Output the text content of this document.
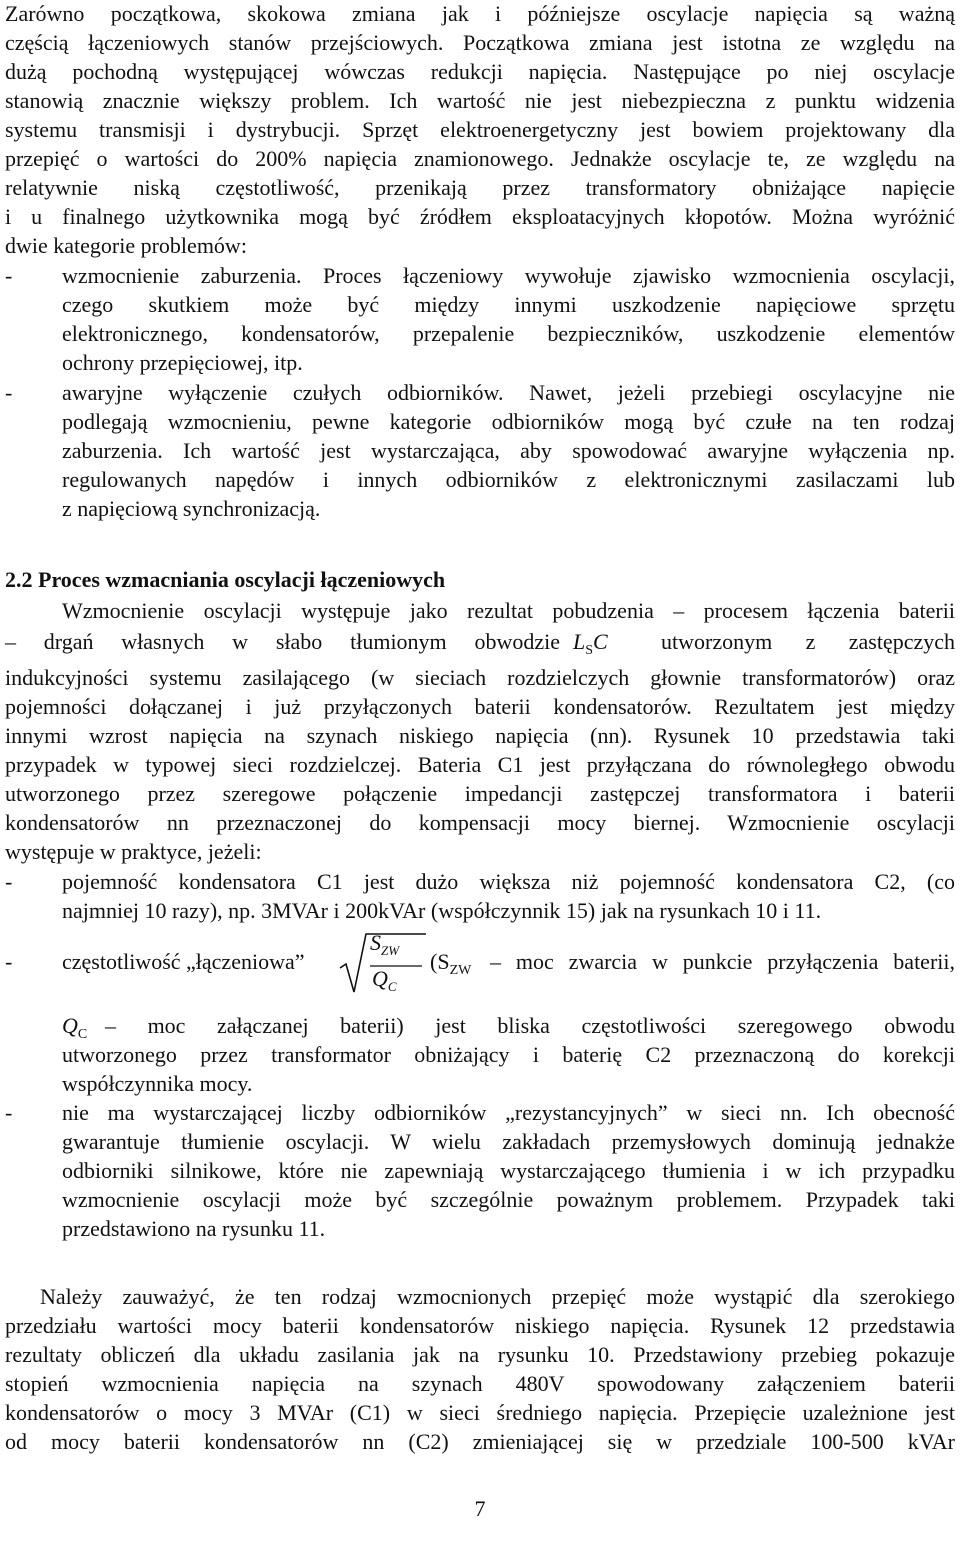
Zarówno początkowa, skokowa zmiana jak i późniejsze oscylacje napięcia są ważną
częścią łączeniowych stanów przejściowych. Początkowa zmiana jest istotna ze względu na
dużą pochodną występującej wówczas redukcji napięcia. Następujące po niej oscylacje
stanowią znacznie większy problem. Ich wartość nie jest niebezpieczna z punktu widzenia
systemu transmisji i dystrybucji. Sprzęt elektroenergetyczny jest bowiem projektowany dla
przepięć o wartości do 200% napięcia znamionowego. Jednakże oscylacje te, ze względu na
relatywnie niską częstotliwość, przenikają przez transformatory obniżające napięcie
i u finalnego użytkownika mogą być źródłem eksploatacyjnych kłopotów. Można wyróżnić
dwie kategorie problemów:
- wzmocnienie zaburzenia. Proces łączeniowy wywołuje zjawisko wzmocnienia oscylacji,
czego skutkiem może być między innymi uszkodzenie napięciowe sprzętu
elektronicznego, kondensatorów, przepalenie bezpieczników, uszkodzenie elementów
ochrony przepięciowej, itp.
- awaryjne wyłączenie czułych odbiorników. Nawet, jeżeli przebiegi oscylacyjne nie
podlegają wzmocnieniu, pewne kategorie odbiorników mogą być czułe na ten rodzaj
zaburzenia. Ich wartość jest wystarczająca, aby spowodować awaryjne wyłączenia np.
regulowanych napędów i innych odbiorników z elektronicznymi zasilaczami lub
z napięciową synchronizacją.
2.2 Proces wzmacniania oscylacji łączeniowych
Wzmocnienie oscylacji występuje jako rezultat pobudzenia – procesem łączenia baterii
– drgań własnych w słabo tłumionym obwodzie $L_SC$ utworzonym z zastępczych
indukcyjności systemu zasilającego (w sieciach rozdzielczych głownie transformatorów) oraz
pojemności dołączanej i już przyłączonych baterii kondensatorów. Rezultatem jest między
innymi wzrost napięcia na szynach niskiego napięcia (nn). Rysunek 10 przedstawia taki
przypadek w typowej sieci rozdzielczej. Bateria C1 jest przyłączana do równoległego obwodu
utworzonego przez szeregowe połączenie impedancji zastępczej transformatora i baterii
kondensatorów nn przeznaczonej do kompensacji mocy biernej. Wzmocnienie oscylacji
występuje w praktyce, jeżeli:
- pojemność kondensatora C1 jest dużo większa niż pojemność kondensatora C2, (co
najmniej 10 razy), np. 3MVAr i 200kVAr (współczynnik 15) jak na rysunkach 10 i 11.
- częstotliwość „łączeniowa”
$S_{ZW}$
$Q_C$
($S_{ZW}$ – moc zwarcia w punkcie przyłączenia baterii,
$Q_C$ – moc załączanej baterii) jest bliska częstotliwości szeregowego obwodu
utworzonego przez transformator obniżający i baterię C2 przeznaczoną do korekcji
współczynnika mocy.
- nie ma wystarczającej liczby odbiorników „rezystancyjnych” w sieci nn. Ich obecność
gwarantuje tłumienie oscylacji. W wielu zakładach przemysłowych dominują jednakże
odbiorniki silnikowe, które nie zapewniają wystarczającego tłumienia i w ich przypadku
wzmocnienie oscylacji może być szczególnie poważnym problemem. Przypadek taki
przedstawiono na rysunku 11.
Należy zauważyć, że ten rodzaj wzmocnionych przepięć może wystąpić dla szerokiego
przedziału wartości mocy baterii kondensatorów niskiego napięcia. Rysunek 12 przedstawia
rezultaty obliczeń dla układu zasilania jak na rysunku 10. Przedstawiony przebieg pokazuje
stopień wzmocnienia napięcia na szynach 480V spowodowany załączeniem baterii
kondensatorów o mocy 3 MVAr (C1) w sieci średniego napięcia. Przepięcie uzależnione jest
od mocy baterii kondensatorów nn (C2) zmieniającej się w przedziale 100-500 kVAr
7
